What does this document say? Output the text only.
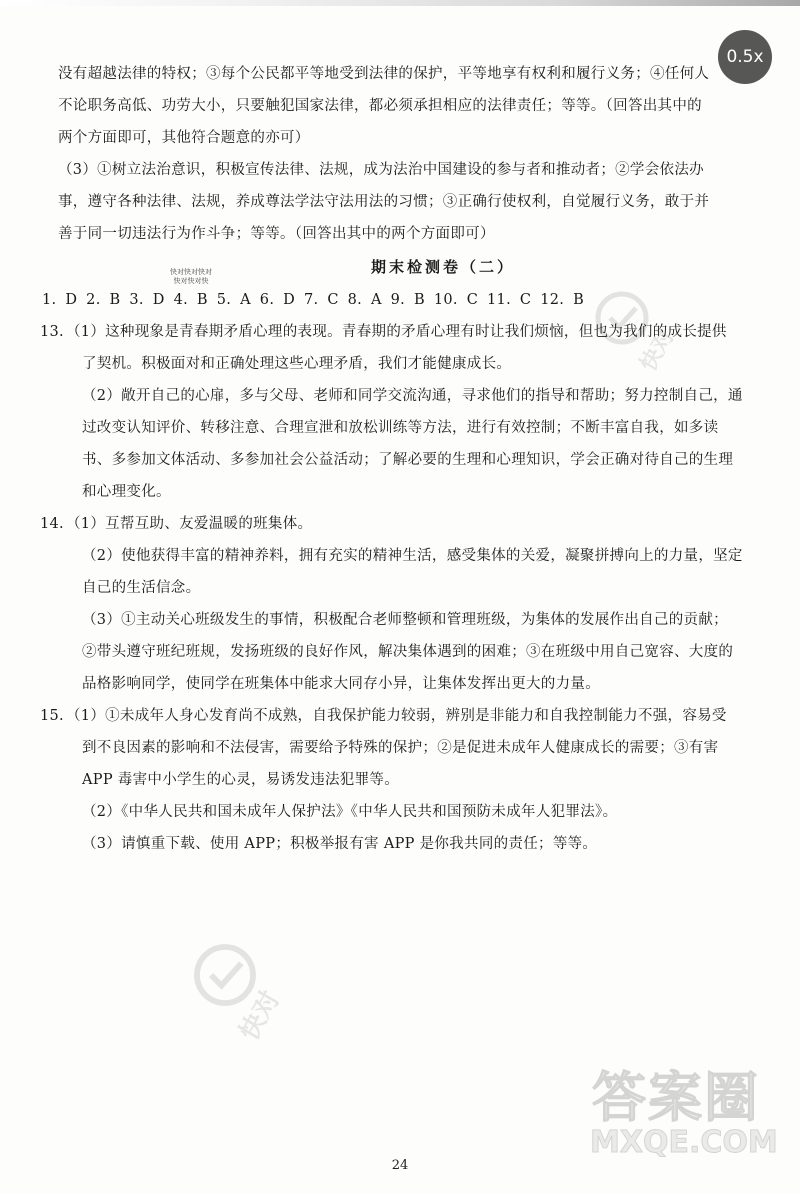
快对
快对
快对快对快对
快对快对快
0.5x
没有超越法律的特权；③每个公民都平等地受到法律的保护，平等地享有权利和履行义务；④任何人
不论职务高低、功劳大小，只要触犯国家法律，都必须承担相应的法律责任；等等。（回答出其中的
两个方面即可，其他符合题意的亦可）
（3）①树立法治意识，积极宣传法律、法规，成为法治中国建设的参与者和推动者；②学会依法办
事，遵守各种法律、法规，养成尊法学法守法用法的习惯；③正确行使权利，自觉履行义务，敢于并
善于同一切违法行为作斗争；等等。（回答出其中的两个方面即可）
期末检测卷（二）
1. D 2. B 3. D 4. B 5. A 6. D 7. C 8. A 9. B 10. C 11. C 12. B
13. （1）这种现象是青春期矛盾心理的表现。青春期的矛盾心理有时让我们烦恼，但也为我们的成长提供
了契机。积极面对和正确处理这些心理矛盾，我们才能健康成长。
（2）敞开自己的心扉，多与父母、老师和同学交流沟通，寻求他们的指导和帮助；努力控制自己，通
过改变认知评价、转移注意、合理宣泄和放松训练等方法，进行有效控制；不断丰富自我，如多读
书、多参加文体活动、多参加社会公益活动；了解必要的生理和心理知识，学会正确对待自己的生理
和心理变化。
14. （1）互帮互助、友爱温暖的班集体。
（2）使他获得丰富的精神养料，拥有充实的精神生活，感受集体的关爱，凝聚拼搏向上的力量，坚定
自己的生活信念。
（3）①主动关心班级发生的事情，积极配合老师整顿和管理班级，为集体的发展作出自己的贡献；
②带头遵守班纪班规，发扬班级的良好作风，解决集体遇到的困难；③在班级中用自己宽容、大度的
品格影响同学，使同学在班集体中能求大同存小异，让集体发挥出更大的力量。
15. （1）①未成年人身心发育尚不成熟，自我保护能力较弱，辨别是非能力和自我控制能力不强，容易受
到不良因素的影响和不法侵害，需要给予特殊的保护；②是促进未成年人健康成长的需要；③有害
APP 毒害中小学生的心灵，易诱发违法犯罪等。
（2）《中华人民共和国未成年人保护法》《中华人民共和国预防未成年人犯罪法》。
（3）请慎重下载、使用 APP；积极举报有害 APP 是你我共同的责任；等等。
24
答案圈
MXQE.COM
